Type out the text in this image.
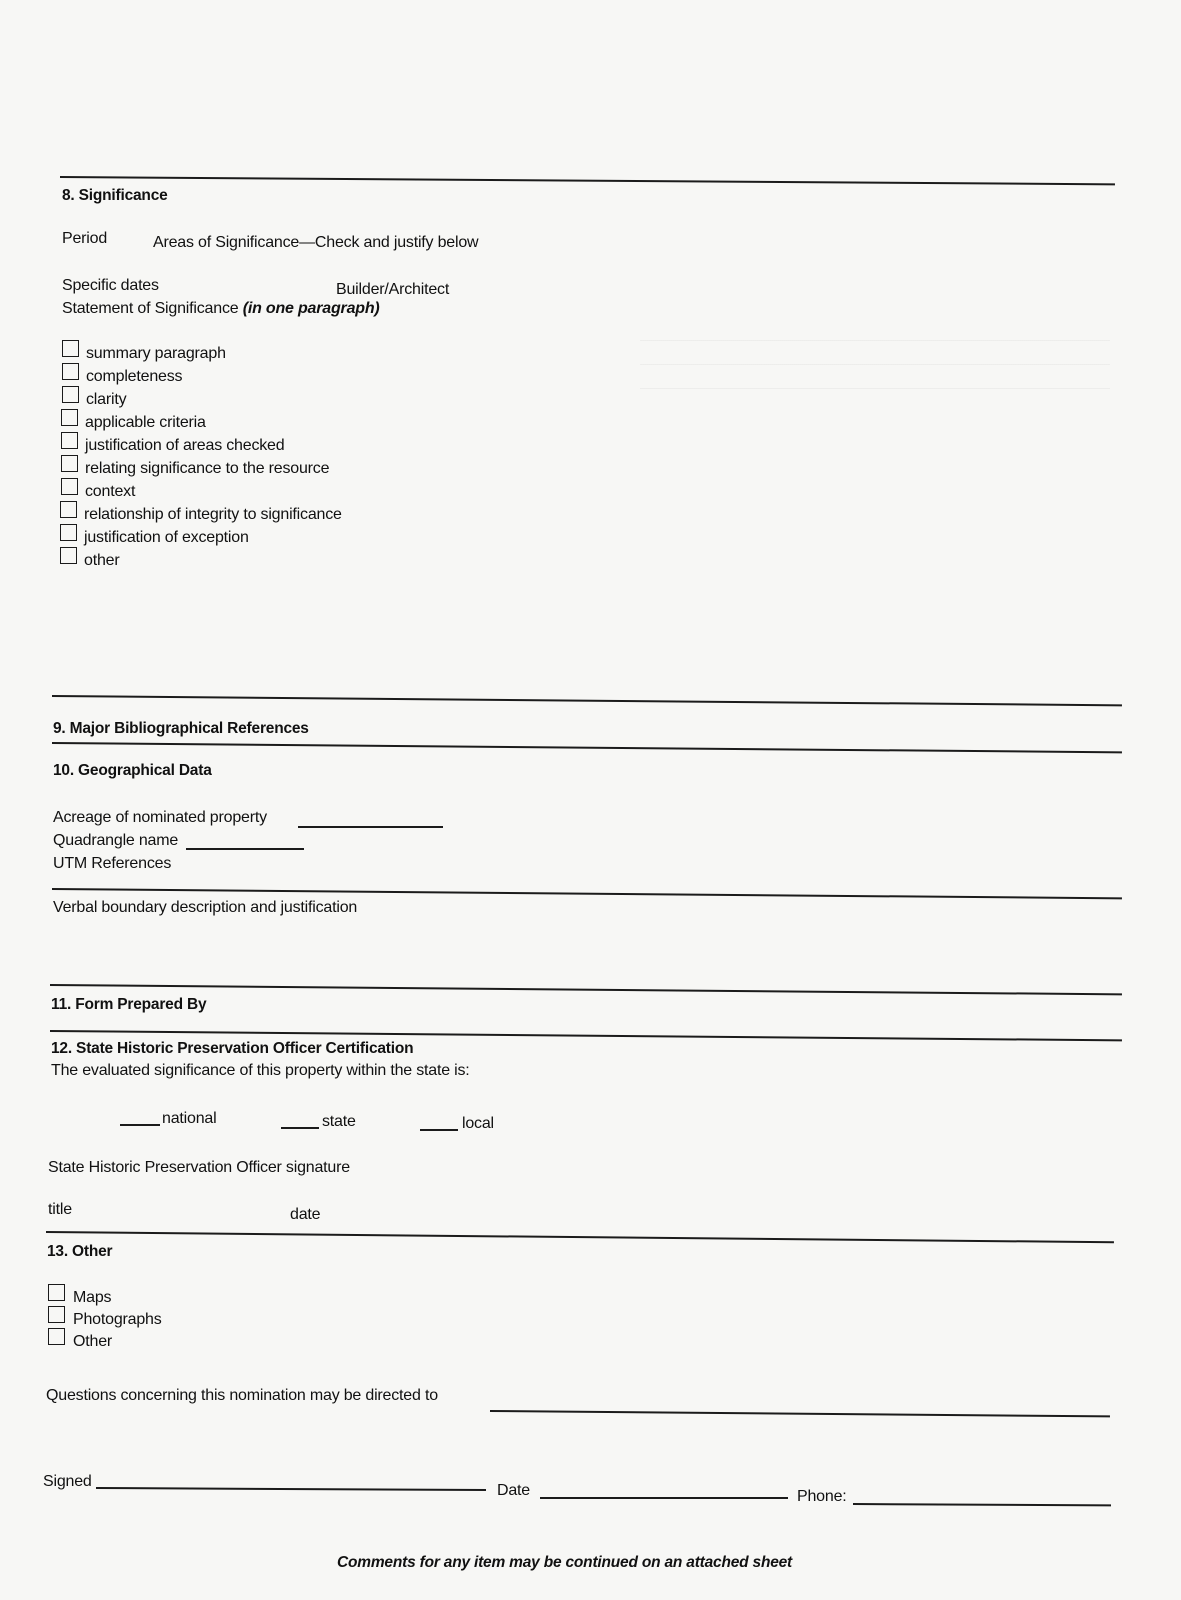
8. Significance
Period	Areas of Significance—Check and justify below
Specific dates	Builder/Architect
Statement of Significance (in one paragraph)
summary paragraph
completeness
clarity
applicable criteria
justification of areas checked
relating significance to the resource
context
relationship of integrity to significance
justification of exception
other
9. Major Bibliographical References
10. Geographical Data
Acreage of nominated property
Quadrangle name
UTM References
Verbal boundary description and justification
11. Form Prepared By
12. State Historic Preservation Officer Certification
The evaluated significance of this property within the state is:
national	state	local
State Historic Preservation Officer signature
title	date
13. Other
Maps
Photographs
Other
Questions concerning this nomination may be directed to
Signed
Date	Phone:
Comments for any item may be continued on an attached sheet
